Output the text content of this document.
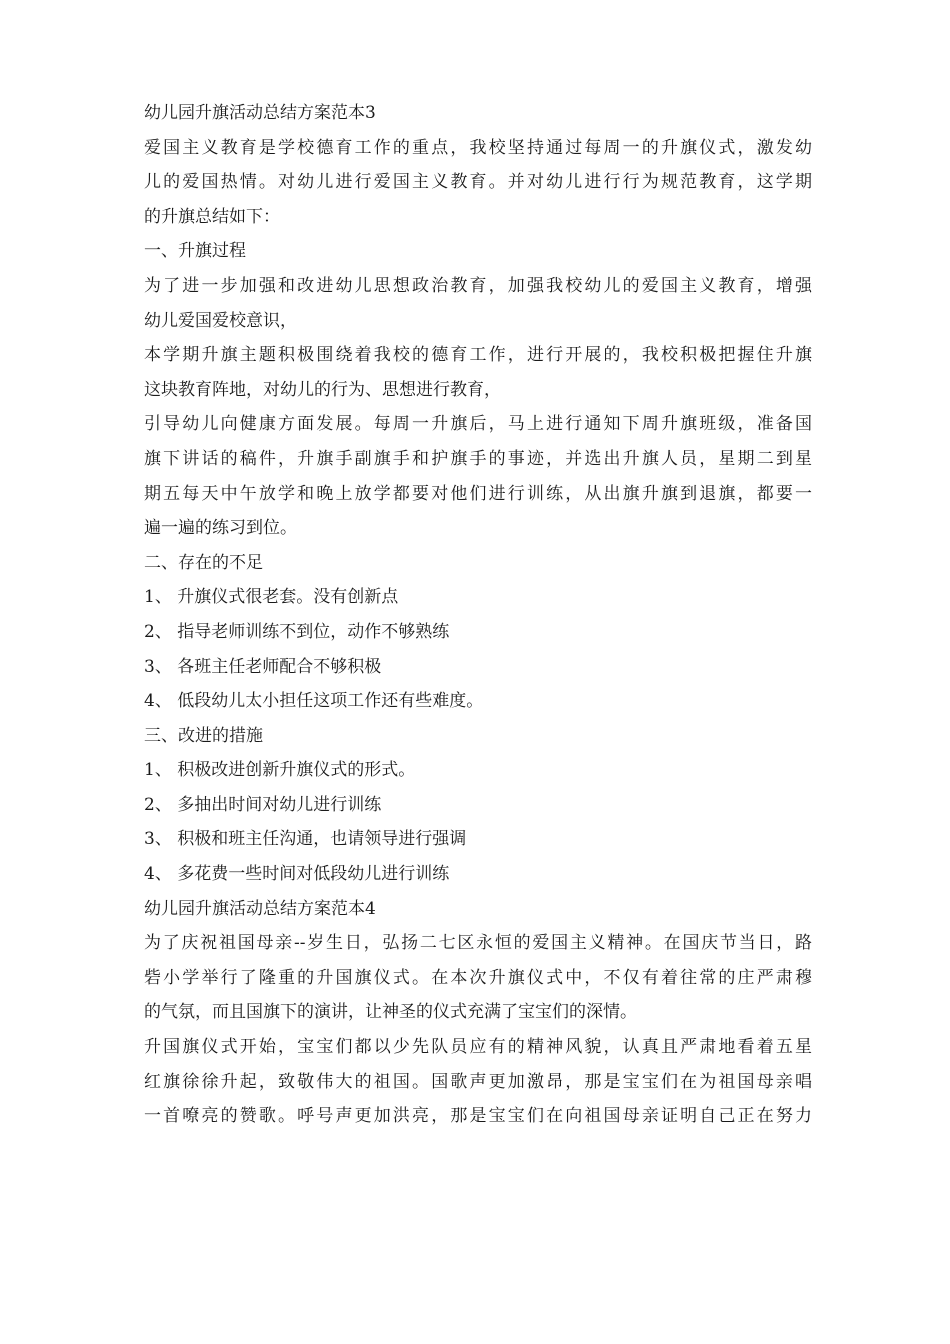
幼儿园升旗活动总结方案范本3
爱国主义教育是学校德育工作的重点，我校坚持通过每周一的升旗仪式，激发幼
儿的爱国热情。对幼儿进行爱国主义教育。并对幼儿进行行为规范教育，这学期
的升旗总结如下：
一、升旗过程
为了进一步加强和改进幼儿思想政治教育，加强我校幼儿的爱国主义教育，增强
幼儿爱国爱校意识，
本学期升旗主题积极围绕着我校的德育工作，进行开展的，我校积极把握住升旗
这块教育阵地，对幼儿的行为、思想进行教育，
引导幼儿向健康方面发展。每周一升旗后，马上进行通知下周升旗班级，准备国
旗下讲话的稿件，升旗手副旗手和护旗手的事迹，并选出升旗人员，星期二到星
期五每天中午放学和晚上放学都要对他们进行训练，从出旗升旗到退旗，都要一
遍一遍的练习到位。
二、存在的不足
1、 升旗仪式很老套。没有创新点
2、 指导老师训练不到位，动作不够熟练
3、 各班主任老师配合不够积极
4、 低段幼儿太小担任这项工作还有些难度。
三、改进的措施
1、 积极改进创新升旗仪式的形式。
2、 多抽出时间对幼儿进行训练
3、 积极和班主任沟通，也请领导进行强调
4、 多花费一些时间对低段幼儿进行训练
幼儿园升旗活动总结方案范本4
为了庆祝祖国母亲--岁生日，弘扬二七区永恒的爱国主义精神。在国庆节当日，路
砦小学举行了隆重的升国旗仪式。在本次升旗仪式中，不仅有着往常的庄严肃穆
的气氛，而且国旗下的演讲，让神圣的仪式充满了宝宝们的深情。
升国旗仪式开始，宝宝们都以少先队员应有的精神风貌，认真且严肃地看着五星
红旗徐徐升起，致敬伟大的祖国。国歌声更加激昂，那是宝宝们在为祖国母亲唱
一首嘹亮的赞歌。呼号声更加洪亮，那是宝宝们在向祖国母亲证明自己正在努力
